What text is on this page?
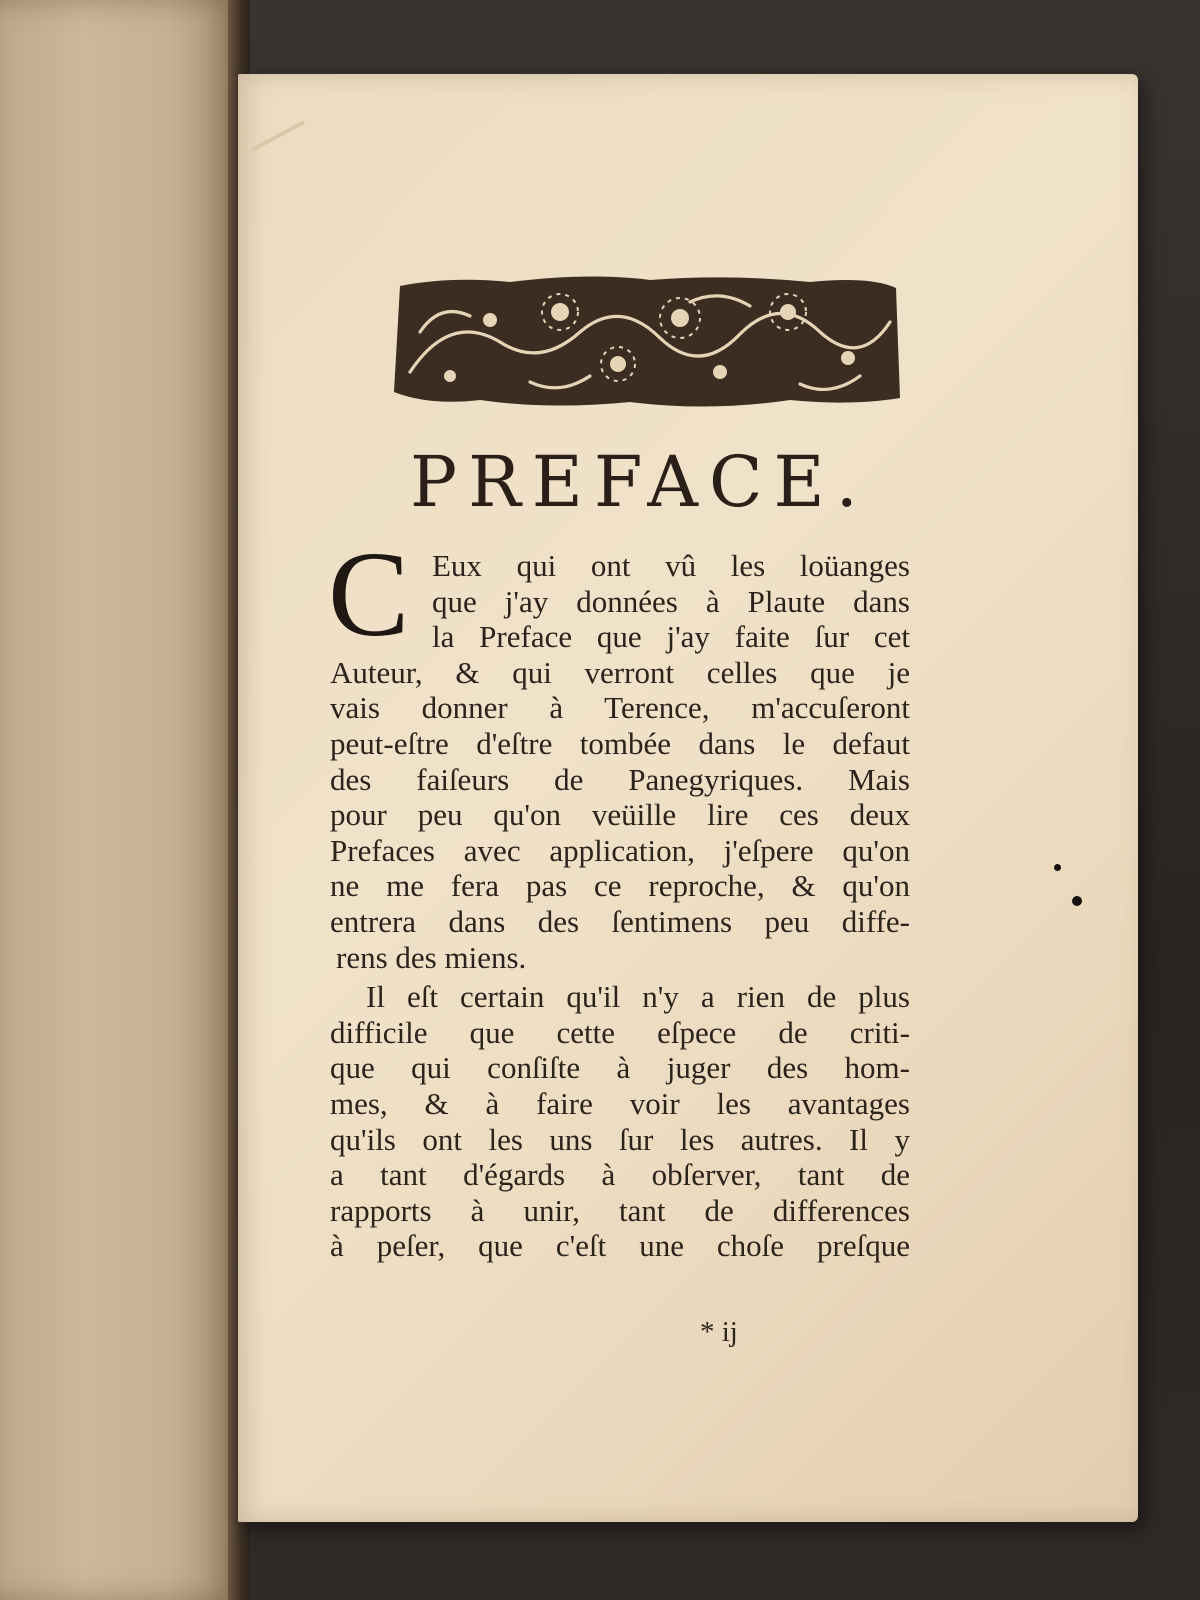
PREFACE.
C Eux qui ont vû les loüanges
que j'ay données à Plaute dans
la Preface que j'ay faite ſur cet
Auteur, & qui verront celles que je
vais donner à Terence, m'accuſeront
peut-eſtre d'eſtre tombée dans le defaut
des faiſeurs de Panegyriques. Mais
pour peu qu'on veüille lire ces deux
Prefaces avec application, j'eſpere qu'on
ne me fera pas ce reproche, & qu'on
entrera dans des ſentimens peu diffe-
rens des miens.
Il eſt certain qu'il n'y a rien de plus
difficile que cette eſpece de criti-
que qui conſiſte à juger des hom-
mes, & à faire voir les avantages
qu'ils ont les uns ſur les autres. Il y
a tant d'égards à obſerver, tant de
rapports à unir, tant de differences
à peſer, que c'eſt une choſe preſque
* ij
